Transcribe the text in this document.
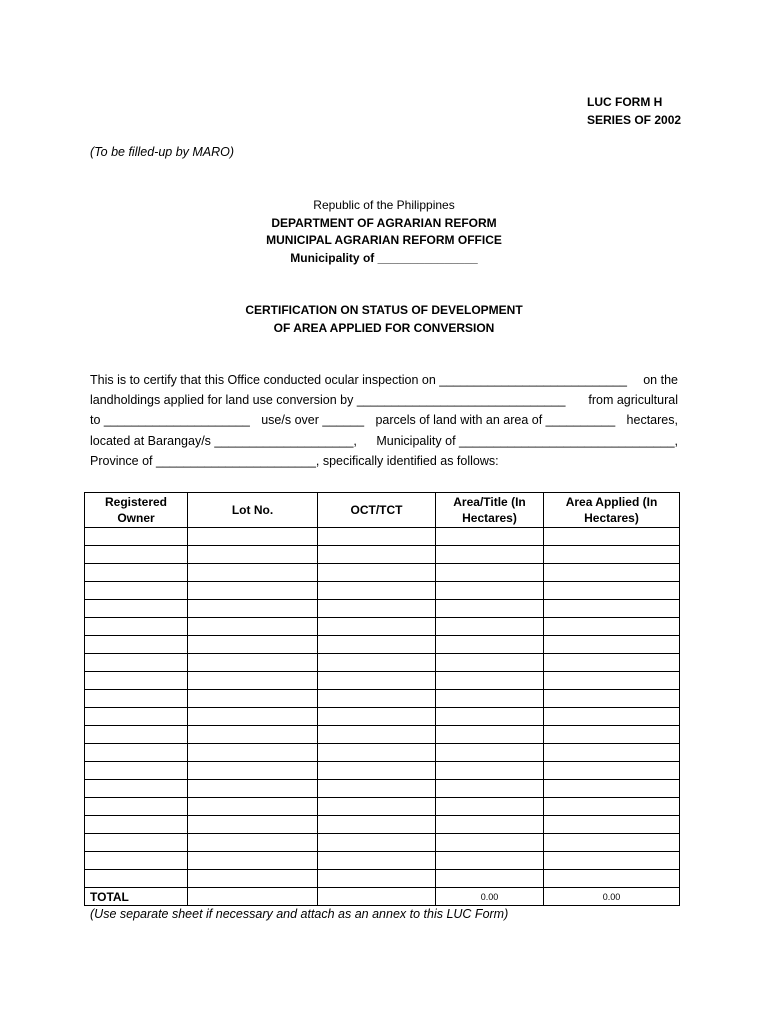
LUC FORM H
SERIES OF 2002
(To be filled-up by MARO)
Republic of the Philippines
DEPARTMENT OF AGRARIAN REFORM
MUNICIPAL AGRARIAN REFORM OFFICE
Municipality of _______________
CERTIFICATION ON STATUS OF DEVELOPMENT
OF AREA APPLIED FOR CONVERSION
This is to certify that this Office conducted ocular inspection on ___________________________ on the
landholdings applied for land use conversion by ______________________________ from agricultural
to _____________________ use/s over ______ parcels of land with an area of __________ hectares,
located at Barangay/s ____________________, Municipality of _______________________________,
Province of _______________________, specifically identified as follows:
Registered Owner	Lot No.	OCT/TCT	Area/Title (In Hectares)	Area Applied (In Hectares)

TOTAL			0.00	0.00
(Use separate sheet if necessary and attach as an annex to this LUC Form)
